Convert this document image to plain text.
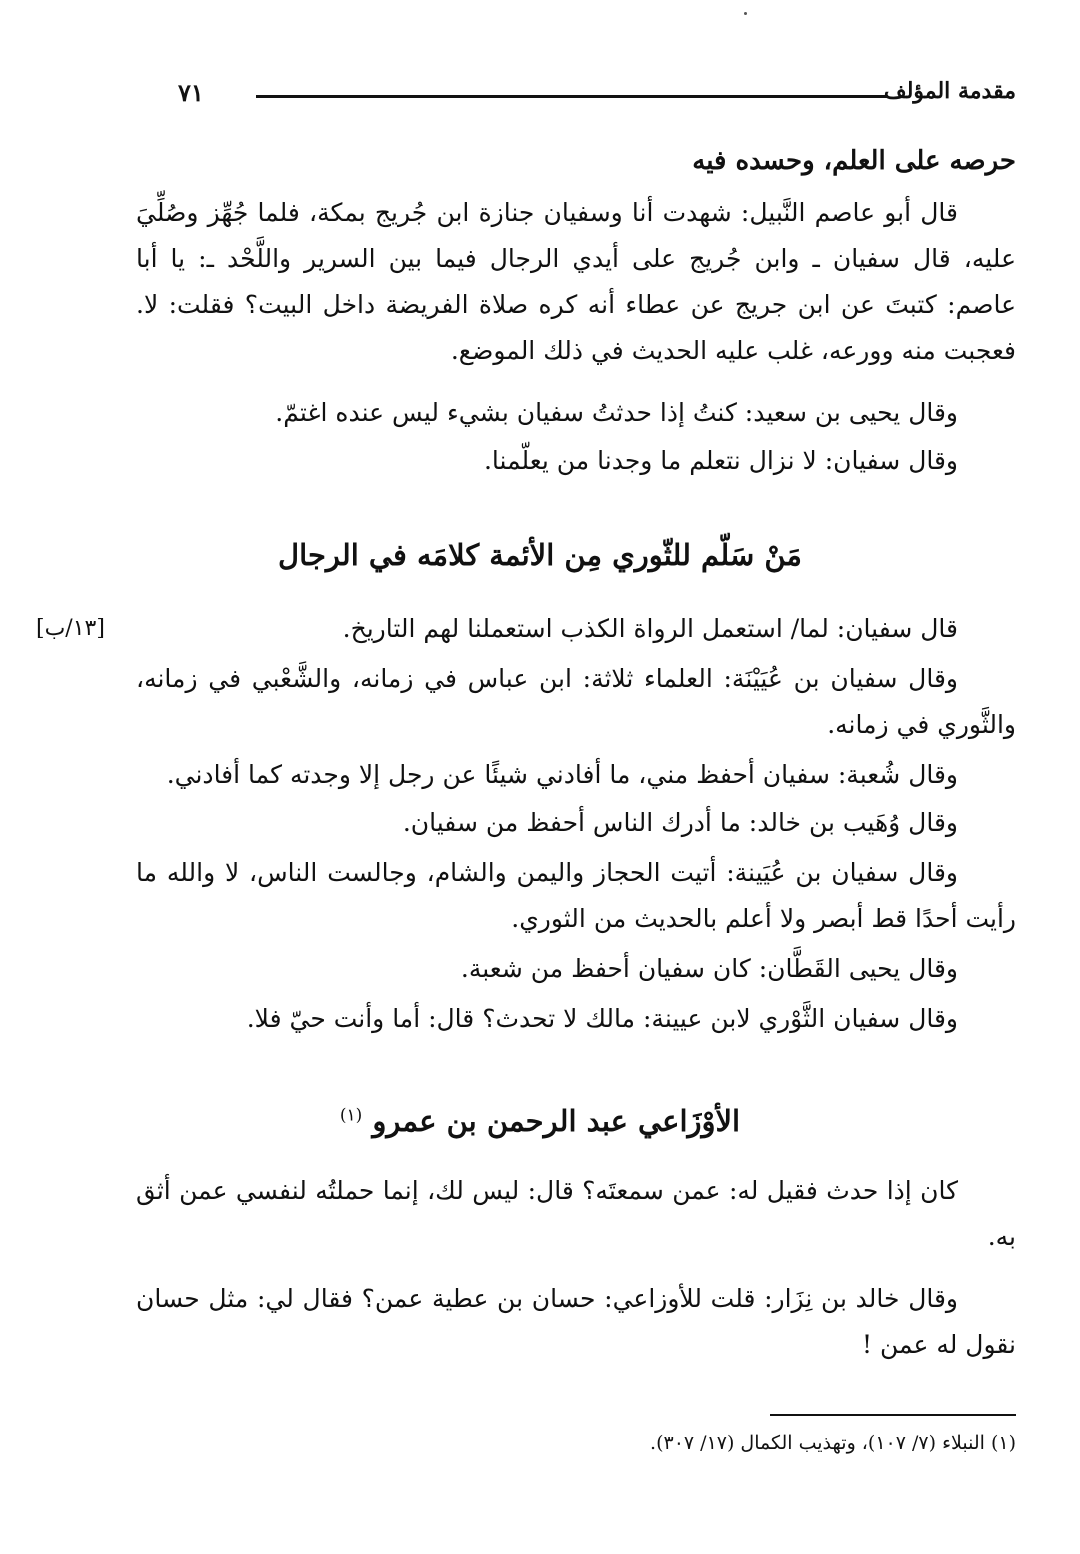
مقدمة المؤلف
٧١

حرصه على العلم، وحسده فيه

قال أبو عاصم النَّبيل: شهدت أنا وسفيان جنازة ابن جُريج بمكة، فلما جُهِّز وصُلِّيَ عليه، قال سفيان ـ وابن جُريج على أيدي الرجال فيما بين السرير واللَّحْد ـ: يا أبا عاصم: كتبتَ عن ابن جريج عن عطاء أنه كره صلاة الفريضة داخل البيت؟ فقلت: لا. فعجبت منه وورعه، غلب عليه الحديث في ذلك الموضع.

وقال يحيى بن سعيد: كنتُ إذا حدثتُ سفيان بشيء ليس عنده اغتمّ.

وقال سفيان: لا نزال نتعلم ما وجدنا من يعلّمنا.

مَنْ سَلّم للثّوري مِن الأئمة كلامَه في الرجال
[١٣/ب]	قال سفيان: لما/ استعمل الرواة الكذب استعملنا لهم التاريخ.

وقال سفيان بن عُيَيْنَة: العلماء ثلاثة: ابن عباس في زمانه، والشَّعْبي في زمانه، والثَّوري في زمانه.

وقال شُعبة: سفيان أحفظ مني، ما أفادني شيئًا عن رجل إلا وجدته كما أفادني.

وقال وُهَيب بن خالد: ما أدرك الناس أحفظ من سفيان.

وقال سفيان بن عُيَينة: أتيت الحجاز واليمن والشام، وجالست الناس، لا والله ما رأيت أحدًا قط أبصر ولا أعلم بالحديث من الثوري.

وقال يحيى القَطَّان: كان سفيان أحفظ من شعبة.

وقال سفيان الثَّوْري لابن عيينة: مالك لا تحدث؟ قال: أما وأنت حيّ فلا.

الأوْزَاعي عبد الرحمن بن عمرو $^{(١)}$

كان إذا حدث فقيل له: عمن سمعتَه؟ قال: ليس لك، إنما حملتُه لنفسي عمن أثق به.

وقال خالد بن نِزَار: قلت للأوزاعي: حسان بن عطية عمن؟ فقال لي: مثل حسان نقول له عمن !

(١) النبلاء (٧/ ١٠٧)، وتهذيب الكمال (١٧/ ٣٠٧).
